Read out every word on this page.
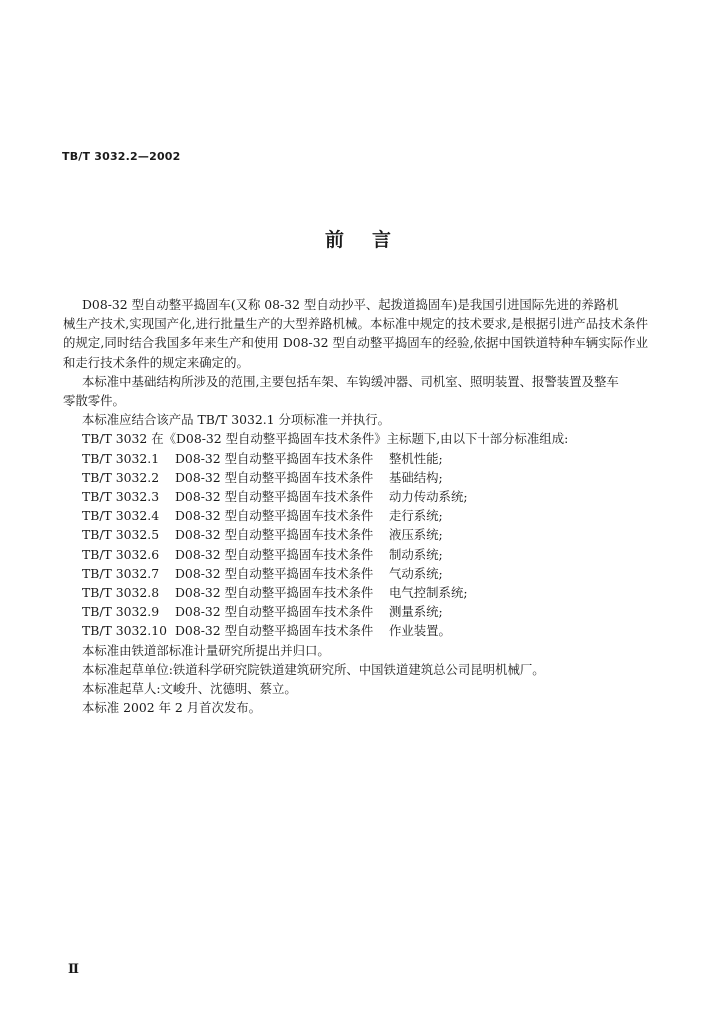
TB/T 3032.2—2002
前言

D08-32 型自动整平捣固车(又称 08-32 型自动抄平、起拨道捣固车)是我国引进国际先进的养路机

械生产技术,实现国产化,进行批量生产的大型养路机械。本标准中规定的技术要求,是根据引进产品技术条件的规定,同时结合我国多年来生产和使用 D08-32 型自动整平捣固车的经验,依据中国铁道特种车辆实际作业和走行技术条件的规定来确定的。

本标准中基础结构所涉及的范围,主要包括车架、车钩缓冲器、司机室、照明装置、报警装置及整车

零散零件。

本标准应结合该产品 TB/T 3032.1 分项标准一并执行。

TB/T 3032 在《D08-32 型自动整平捣固车技术条件》主标题下,由以下十部分标准组成:

TB/T 3032.1	D08-32 型自动整平捣固车技术条件	整机性能;
TB/T 3032.2	D08-32 型自动整平捣固车技术条件	基础结构;
TB/T 3032.3	D08-32 型自动整平捣固车技术条件	动力传动系统;
TB/T 3032.4	D08-32 型自动整平捣固车技术条件	走行系统;
TB/T 3032.5	D08-32 型自动整平捣固车技术条件	液压系统;
TB/T 3032.6	D08-32 型自动整平捣固车技术条件	制动系统;
TB/T 3032.7	D08-32 型自动整平捣固车技术条件	气动系统;
TB/T 3032.8	D08-32 型自动整平捣固车技术条件	电气控制系统;
TB/T 3032.9	D08-32 型自动整平捣固车技术条件	测量系统;
TB/T 3032.10 D08-32 型自动整平捣固车技术条件	作业装置。

本标准由铁道部标准计量研究所提出并归口。

本标准起草单位:铁道科学研究院铁道建筑研究所、中国铁道建筑总公司昆明机械厂。

本标准起草人:文峻升、沈德明、蔡立。

本标准 2002 年 2 月首次发布。

Ⅱ
